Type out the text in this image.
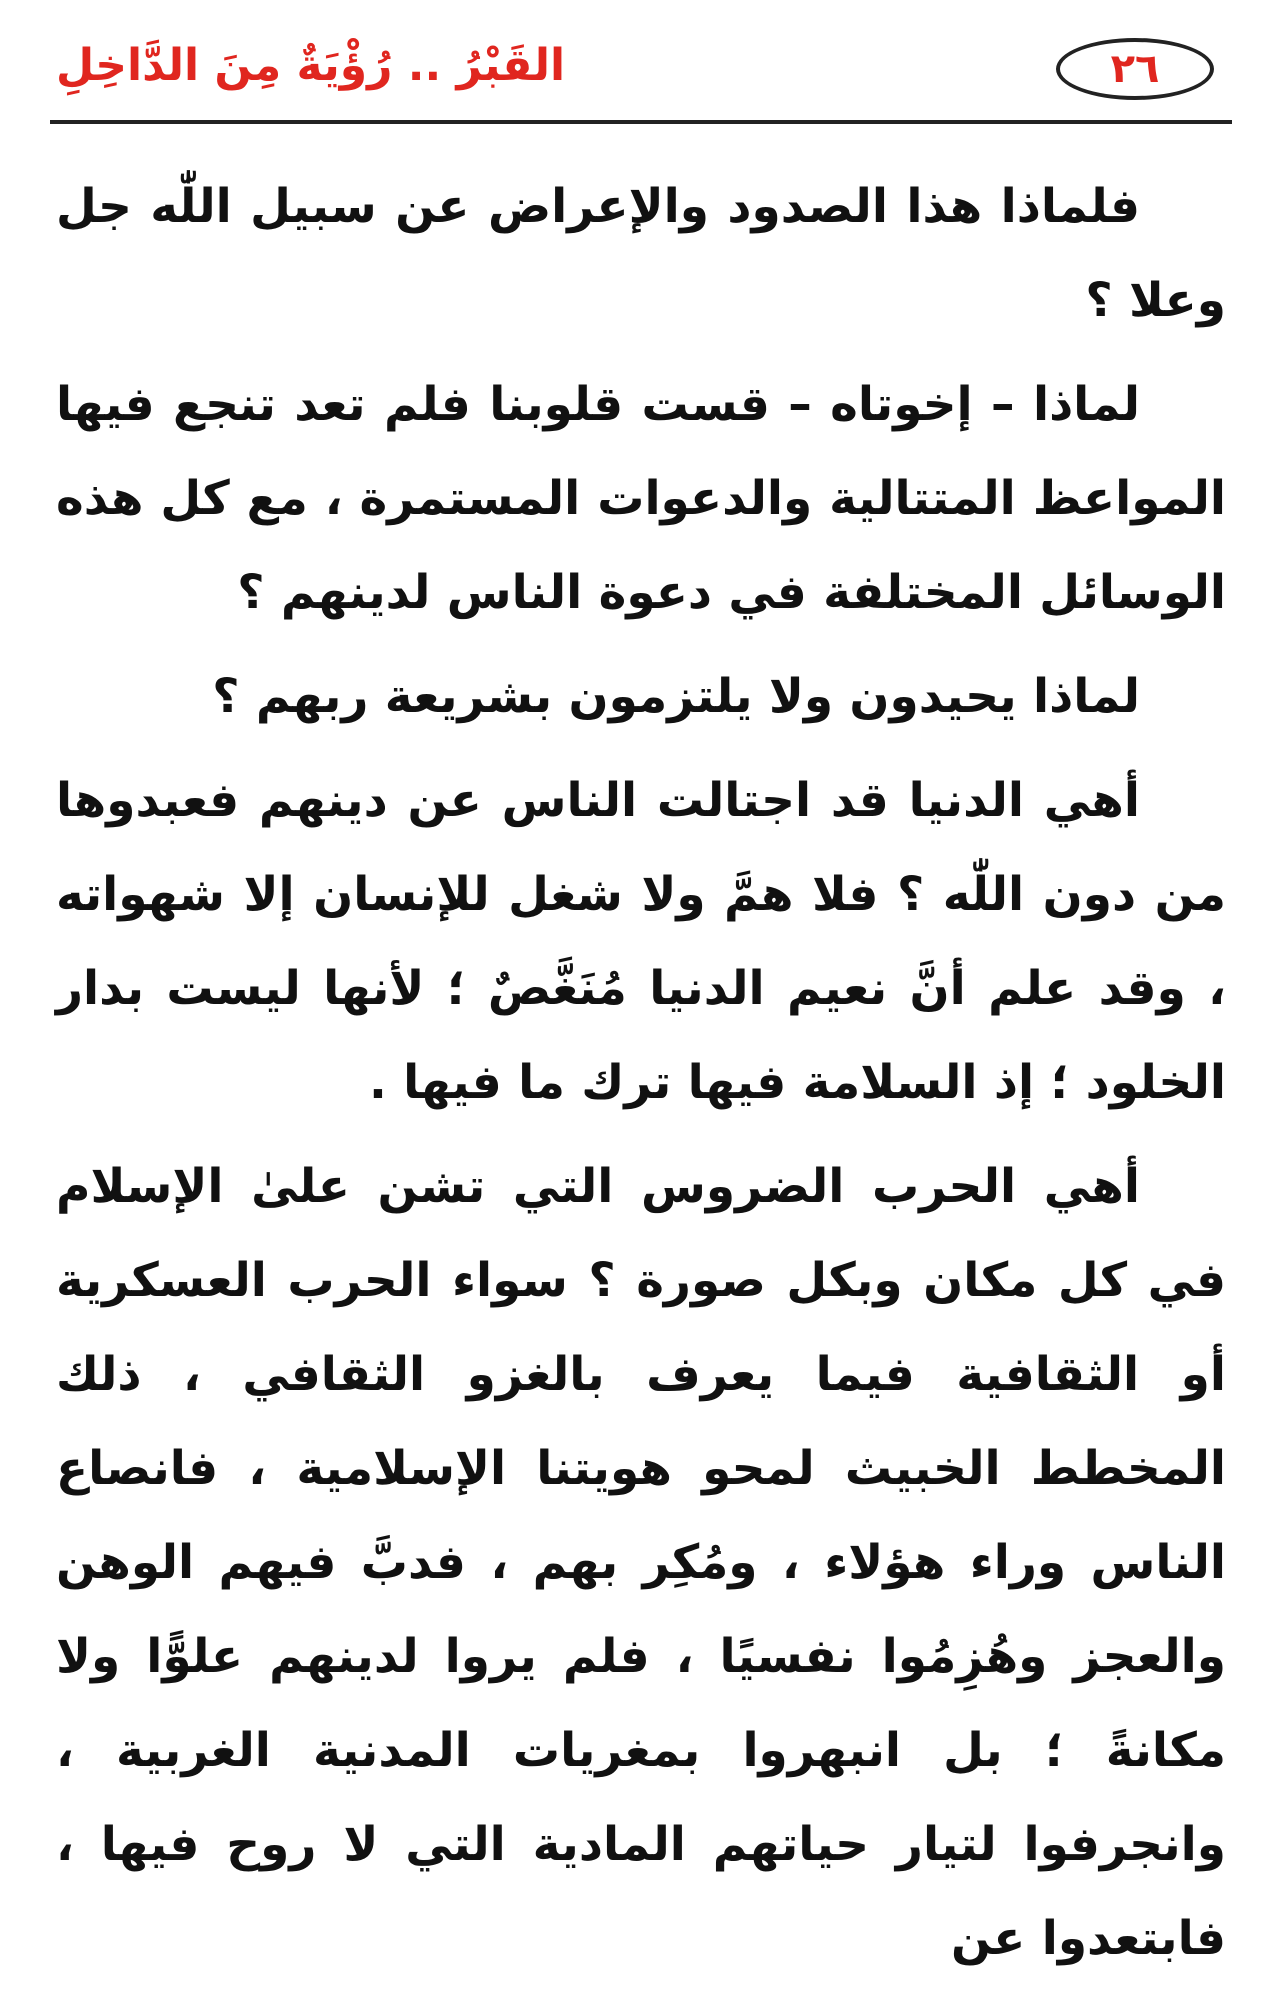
القَبْرُ .. رُؤْيَةٌ مِنَ الدَّاخِلِ	٢٦

فلماذا هذا الصدود والإعراض عن سبيل اللّٰه جل وعلا ؟

لماذا – إخوتاه – قست قلوبنا فلم تعد تنجع فيها المواعظ المتتالية والدعوات المستمرة ، مع كل هذه الوسائل المختلفة في دعوة الناس لدينهم ؟

لماذا يحيدون ولا يلتزمون بشريعة ربهم ؟

أهي الدنيا قد اجتالت الناس عن دينهم فعبدوها من دون اللّٰه ؟ فلا همَّ ولا شغل للإنسان إلا شهواته ، وقد علم أنَّ نعيم الدنيا مُنَغَّصٌ ؛ لأنها ليست بدار الخلود ؛ إذ السلامة فيها ترك ما فيها .

أهي الحرب الضروس التي تشن علىٰ الإسلام في كل مكان وبكل صورة ؟ سواء الحرب العسكرية أو الثقافية فيما يعرف بالغزو الثقافي ، ذلك المخطط الخبيث لمحو هويتنا الإسلامية ، فانصاع الناس وراء هؤلاء ، ومُكِر بهم ، فدبَّ فيهم الوهن والعجز وهُزِمُوا نفسيًا ، فلم يروا لدينهم علوًّا ولا مكانةً ؛ بل انبهروا بمغريات المدنية الغربية ، وانجرفوا لتيار حياتهم المادية التي لا روح فيها ، فابتعدوا عن
